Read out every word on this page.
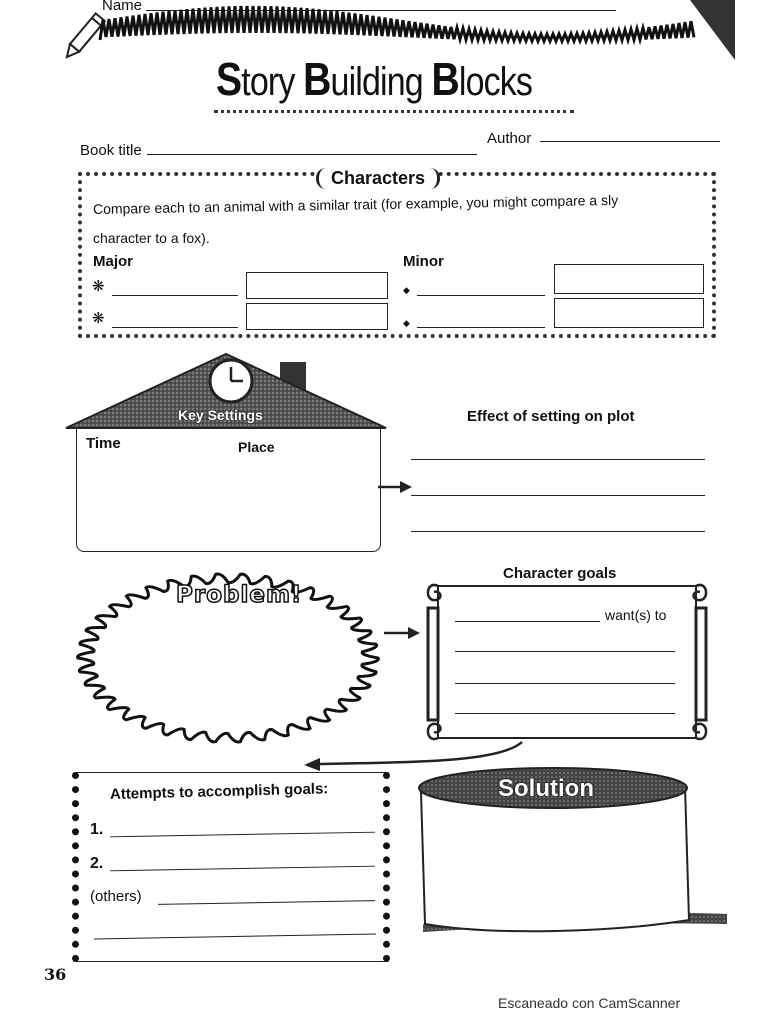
Name
Story Building Blocks
Book title
Author
Characters
Compare each to an animal with a similar trait (for example, you might compare a sly
character to a fox).
Major
❋
❋
Minor
◆
◆
Key Settings
Time	Place
Effect of setting on plot
Problem!
Character goals
want(s) to
Attempts to accomplish goals:
1.
2.
(others)
Solution
36
Escaneado con CamScanner
